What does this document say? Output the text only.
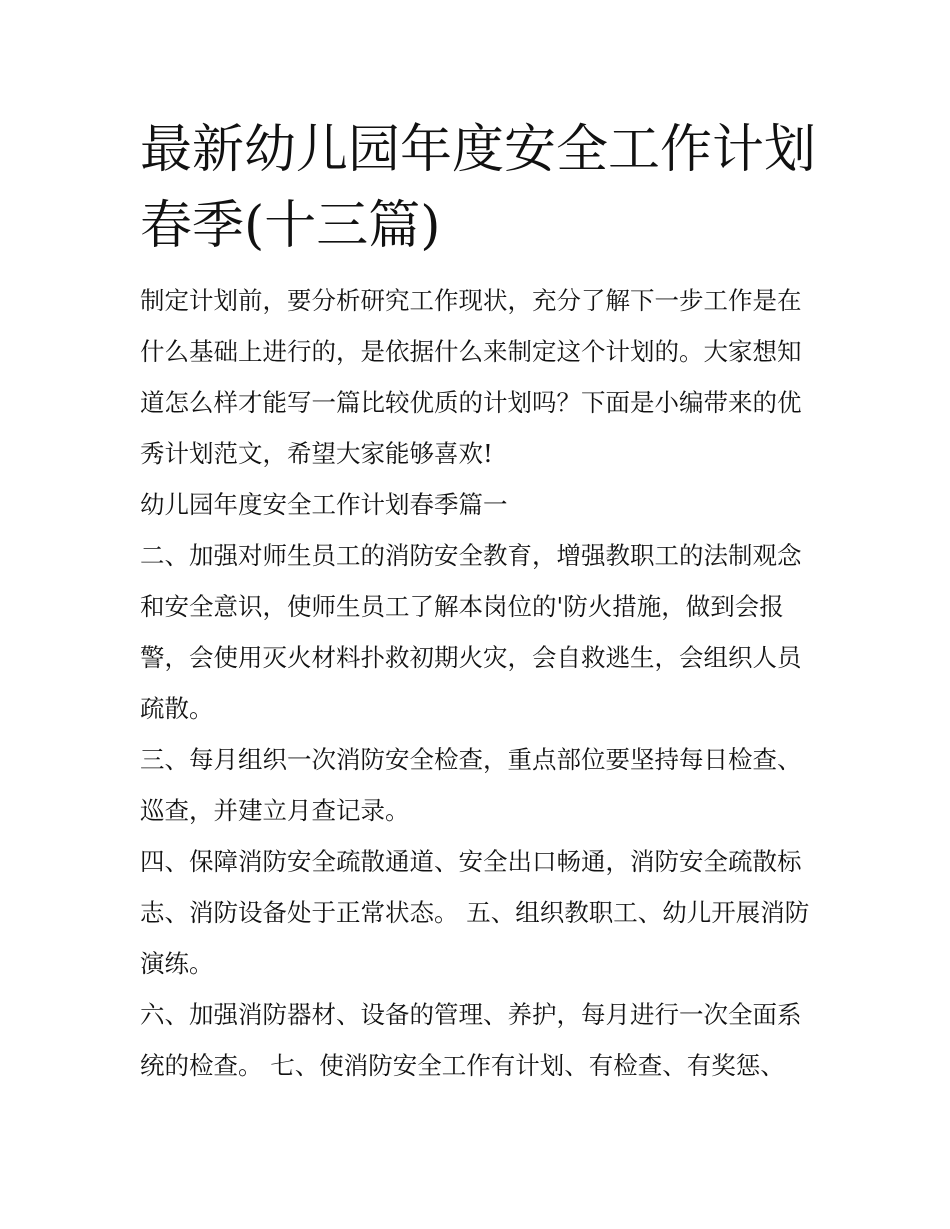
最新幼儿园年度安全工作计划春季(十三篇)

制定计划前，要分析研究工作现状，充分了解下一步工作是在什么基础上进行的，是依据什么来制定这个计划的。大家想知道怎么样才能写一篇比较优质的计划吗？下面是小编带来的优秀计划范文，希望大家能够喜欢!

幼儿园年度安全工作计划春季篇一

二、加强对师生员工的消防安全教育，增强教职工的法制观念和安全意识，使师生员工了解本岗位的'防火措施，做到会报警，会使用灭火材料扑救初期火灾，会自救逃生，会组织人员疏散。

三、每月组织一次消防安全检查，重点部位要坚持每日检查、巡查，并建立月查记录。

四、保障消防安全疏散通道、安全出口畅通，消防安全疏散标志、消防设备处于正常状态。 五、组织教职工、幼儿开展消防演练。

六、加强消防器材、设备的管理、养护，每月进行一次全面系统的检查。 七、使消防安全工作有计划、有检查、有奖惩、
